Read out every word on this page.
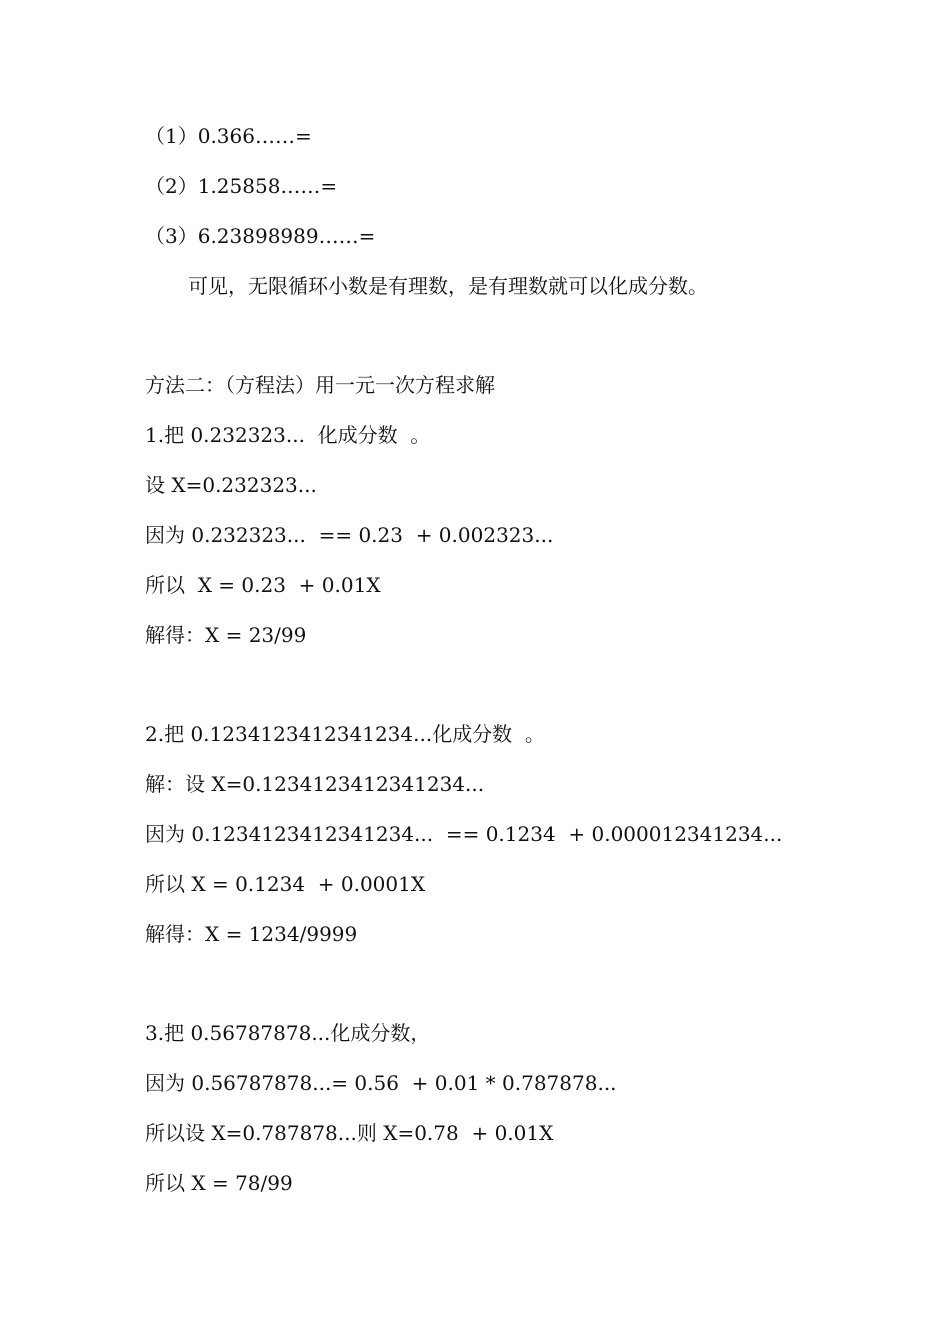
（1）0.366……=
（2）1.25858……=
（3）6.23898989……=
可见，无限循环小数是有理数，是有理数就可以化成分数。
方法二：（方程法）用一元一次方程求解
1.把 0.232323...  化成分数  。
设 X=0.232323...
因为 0.232323...  == 0.23  + 0.002323...
所以  X = 0.23  + 0.01X
解得：X = 23/99
2.把 0.1234123412341234...化成分数  。
解：设 X=0.1234123412341234...
因为 0.1234123412341234...  == 0.1234  + 0.000012341234...
所以 X = 0.1234  + 0.0001X
解得：X = 1234/9999
3.把 0.56787878...化成分数，
因为 0.56787878...= 0.56  + 0.01 * 0.787878...
所以设 X=0.787878...则 X=0.78  + 0.01X
所以 X = 78/99
